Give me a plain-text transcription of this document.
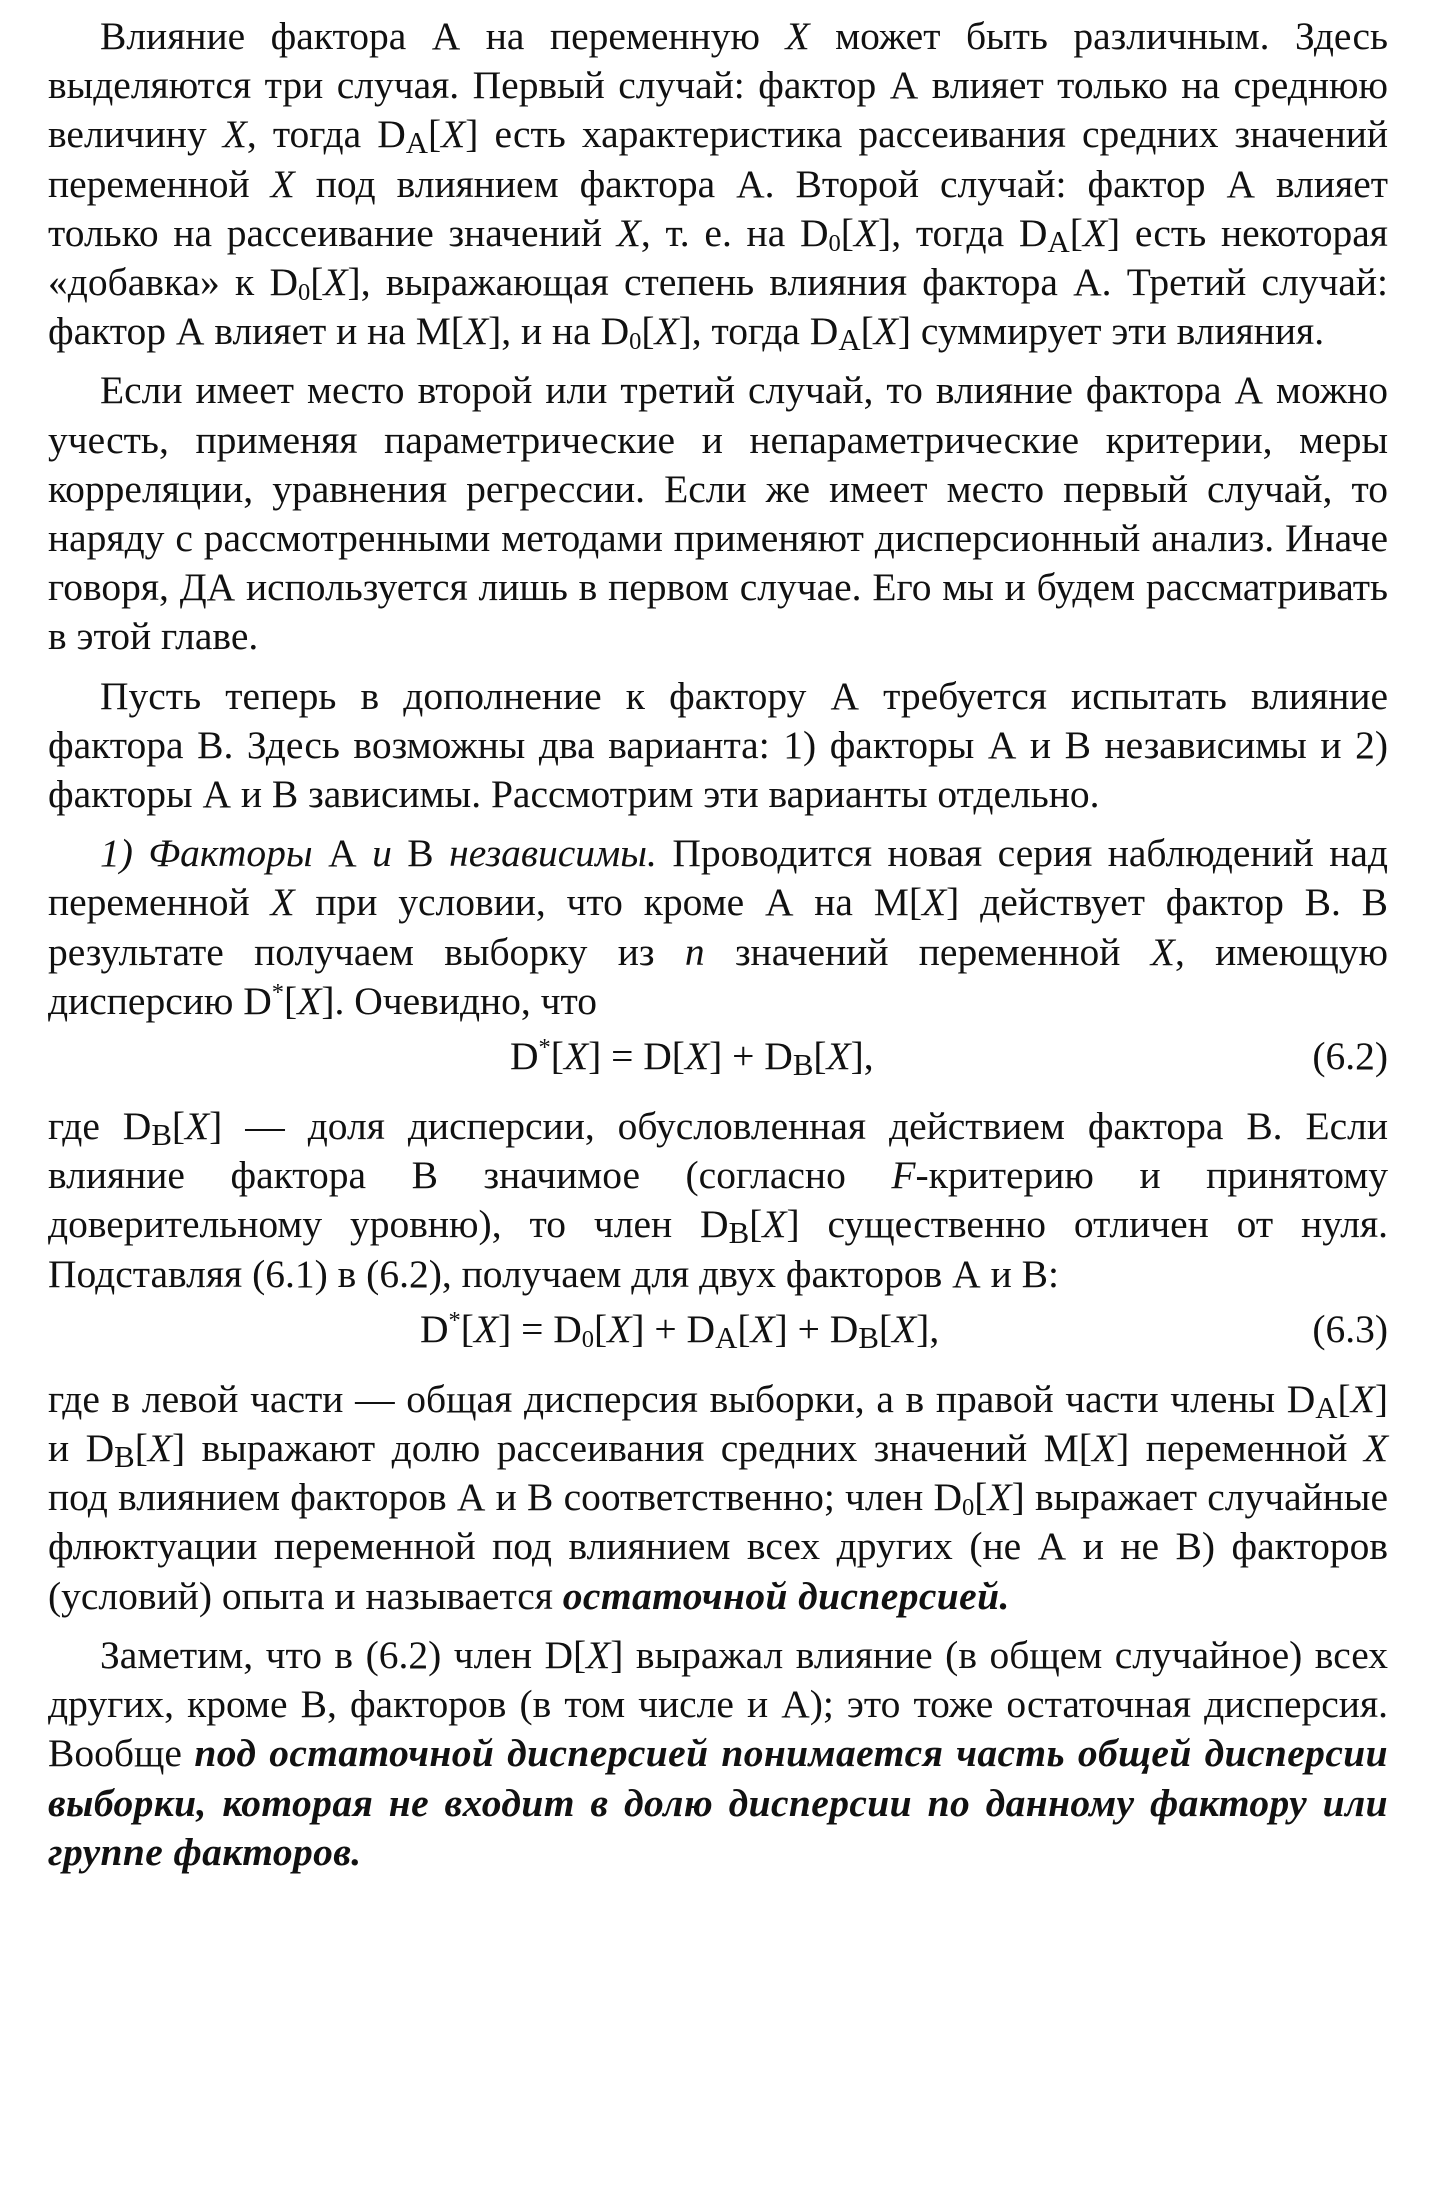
Влияние фактора А на переменную X может быть различным. Здесь выделяются три случая. Первый случай: фактор А влияет только на среднюю величину X, тогда $D_A[X]$ есть характеристика рассеивания средних значений переменной X под влиянием фактора А. Второй случай: фактор А влияет только на рассеивание значений X, т. е. на $D_0[X]$, тогда $D_A[X]$ есть некоторая «добавка» к $D_0[X]$, выражающая степень влияния фактора А. Третий случай: фактор А влияет и на M[X], и на $D_0[X]$, тогда $D_A[X]$ суммирует эти влияния.

Если имеет место второй или третий случай, то влияние фактора А можно учесть, применяя параметрические и непараметрические критерии, меры корреляции, уравнения регрессии. Если же имеет место первый случай, то наряду с рассмотренными методами применяют дисперсионный анализ. Иначе говоря, ДА используется лишь в первом случае. Его мы и будем рассматривать в этой главе.

Пусть теперь в дополнение к фактору А требуется испытать влияние фактора В. Здесь возможны два варианта: 1) факторы А и В независимы и 2) факторы А и В зависимы. Рассмотрим эти варианты отдельно.

1) Факторы А и В независимы. Проводится новая серия наблюдений над переменной X при условии, что кроме А на M[X] действует фактор В. В результате получаем выборку из n значений переменной X, имеющую дисперсию D*[X]. Очевидно, что

$D^*[X] = D[X] + D_B[X]$,	(6.2)

где $D_B[X]$ — доля дисперсии, обусловленная действием фактора В. Если влияние фактора В значимое (согласно F-критерию и принятому доверительному уровню), то член $D_B[X]$ существенно отличен от нуля. Подставляя (6.1) в (6.2), получаем для двух факторов А и В:

$D^*[X] = D_0[X] + D_A[X] + D_B[X]$,	(6.3)

где в левой части — общая дисперсия выборки, а в правой части члены $D_A[X]$ и $D_B[X]$ выражают долю рассеивания средних значений M[X] переменной X под влиянием факторов А и В соответственно; член $D_0[X]$ выражает случайные флюктуации переменной под влиянием всех других (не А и не В) факторов (условий) опыта и называется остаточной дисперсией.

Заметим, что в (6.2) член D[X] выражал влияние (в общем случайное) всех других, кроме В, факторов (в том числе и А); это тоже остаточная дисперсия. Вообще под остаточной дисперсией понимается часть общей дисперсии выборки, которая не входит в долю дисперсии по данному фактору или группе факторов.
